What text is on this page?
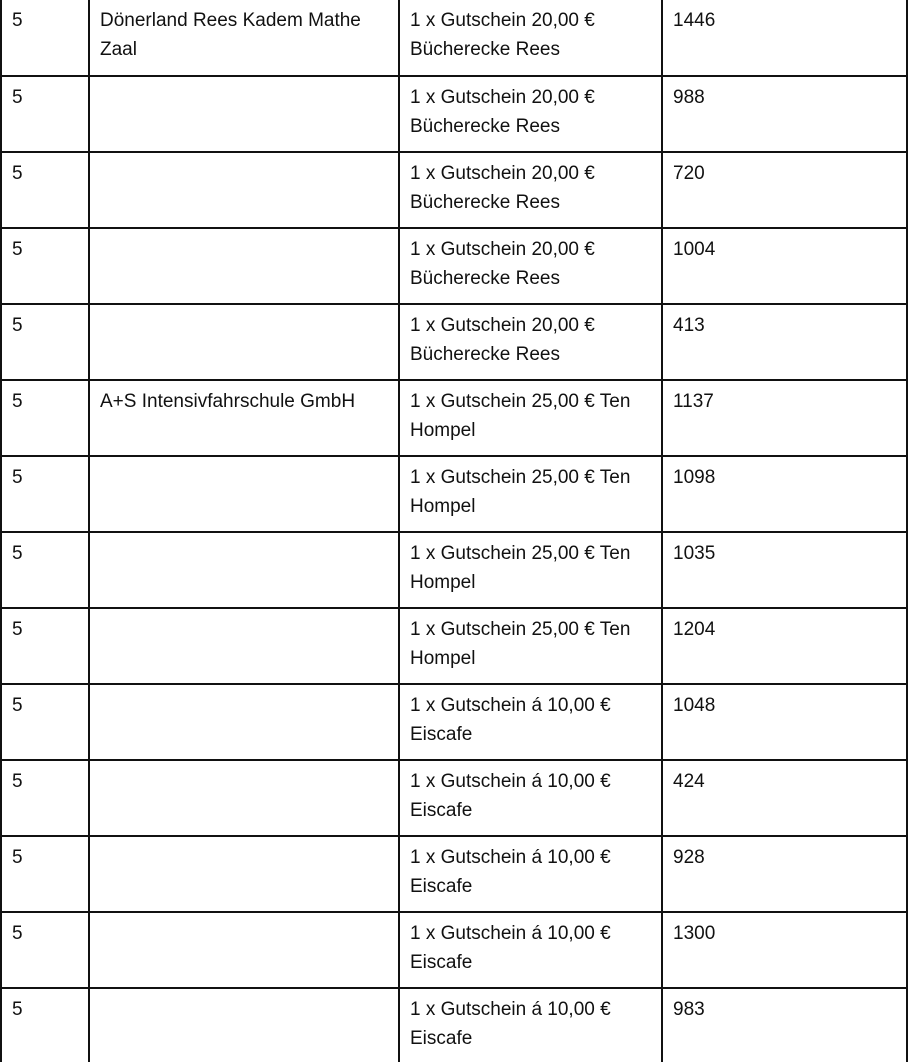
5	Dönerland Rees Kadem Mathe Zaal	1 x Gutschein 20,00 € Bücherecke Rees	1446
5		1 x Gutschein 20,00 € Bücherecke Rees	988
5		1 x Gutschein 20,00 € Bücherecke Rees	720
5		1 x Gutschein 20,00 € Bücherecke Rees	1004
5		1 x Gutschein 20,00 € Bücherecke Rees	413
5	A+S Intensivfahrschule GmbH	1 x Gutschein 25,00 € Ten Hompel	1137
5		1 x Gutschein 25,00 € Ten Hompel	1098
5		1 x Gutschein 25,00 € Ten Hompel	1035
5		1 x Gutschein 25,00 € Ten Hompel	1204
5		1 x Gutschein á 10,00 € Eiscafe	1048
5		1 x Gutschein á 10,00 € Eiscafe	424
5		1 x Gutschein á 10,00 € Eiscafe	928
5		1 x Gutschein á 10,00 € Eiscafe	1300
5		1 x Gutschein á 10,00 € Eiscafe	983
